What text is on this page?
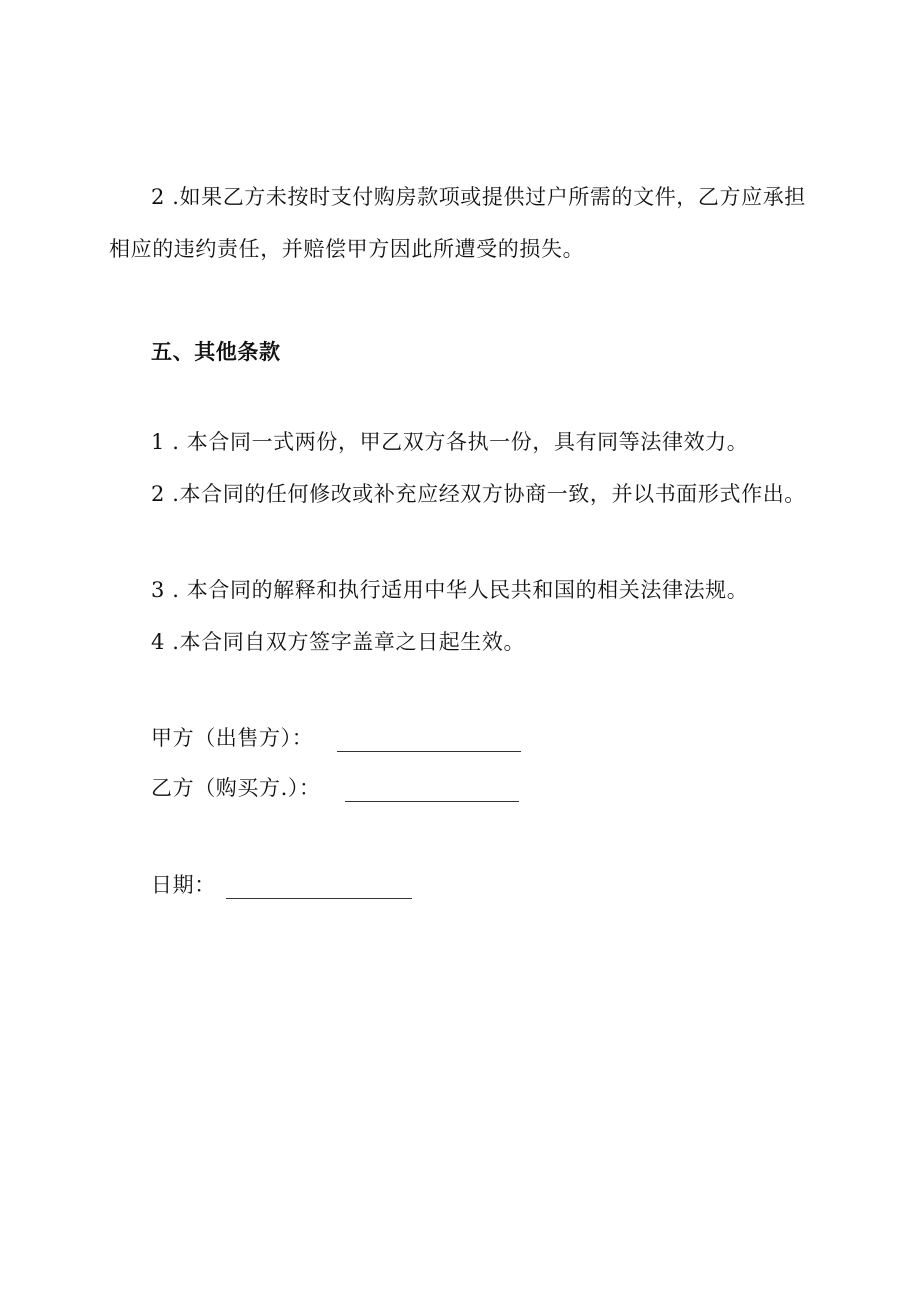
2 .如果乙方未按时支付购房款项或提供过户所需的文件，乙方应承担相应的违约责任，并赔偿甲方因此所遭受的损失。

五、其他条款

1 . 本合同一式两份，甲乙双方各执一份，具有同等法律效力。

2 .本合同的任何修改或补充应经双方协商一致，并以书面形式作出。

3 . 本合同的解释和执行适用中华人民共和国的相关法律法规。

4 .本合同自双方签字盖章之日起生效。

甲方（出售方）：
乙方（购买方.）：
日期：
